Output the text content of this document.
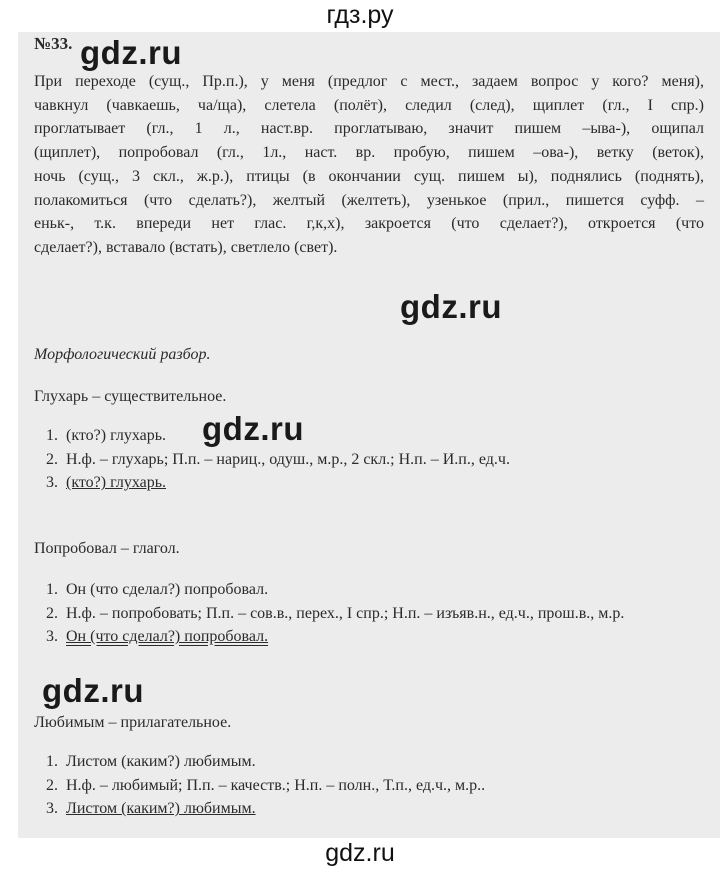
гдз.ру
№33. gdz.ru
При переходе (сущ., Пр.п.), у меня (предлог с мест., задаем вопрос у кого? меня),
чавкнул (чавкаешь, ча/ща), слетела (полёт), следил (след), щиплет (гл., I спр.)
проглатывает (гл., 1 л., наст.вр. проглатываю, значит пишем –ыва-), ощипал
(щиплет), попробовал (гл., 1л., наст. вр. пробую, пишем –ова-), ветку (веток),
ночь (сущ., 3 скл., ж.р.), птицы (в окончании сущ. пишем ы), поднялись (поднять),
полакомиться (что сделать?), желтый (желтеть), узенькое (прил., пишется суфф. –
еньк-, т.к. впереди нет глас. г,к,х), закроется (что сделает?), откроется (что
сделает?), вставало (встать), светлело (свет).
gdz.ru
Морфологический разбор.
Глухарь – существительное.
1. (кто?) глухарь.
2. Н.ф. – глухарь; П.п. – нариц., одуш., м.р., 2 скл.; Н.п. – И.п., ед.ч.
3. (кто?) глухарь.
gdz.ru
Попробовал – глагол.
1. Он (что сделал?) попробовал.
2. Н.ф. – попробовать; П.п. – сов.в., перех., I спр.; Н.п. – изъяв.н., ед.ч., прош.в., м.р.
3. Он (что сделал?) попробовал.
gdz.ru
Любимым – прилагательное.
1. Листом (каким?) любимым.
2. Н.ф. – любимый; П.п. – качеств.; Н.п. – полн., Т.п., ед.ч., м.р..
3. Листом (каким?) любимым.
gdz.ru
